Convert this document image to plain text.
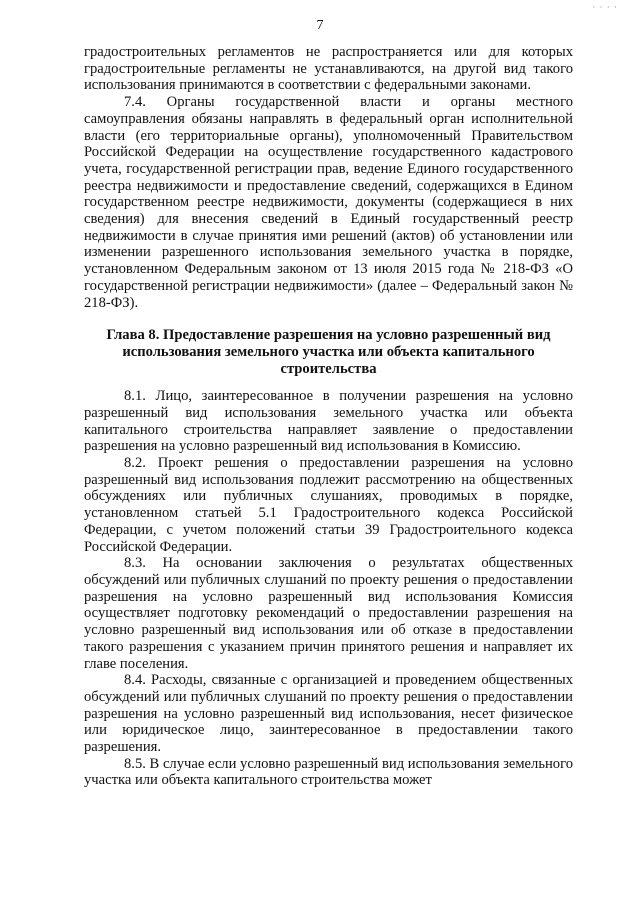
· · · ·
7

градостроительных регламентов не распространяется или для которых градостроительные регламенты не устанавливаются, на другой вид такого использования принимаются в соответствии с федеральными законами.

7.4. Органы государственной власти и органы местного самоуправления обязаны направлять в федеральный орган исполнительной власти (его территориальные органы), уполномоченный Правительством Российской Федерации на осуществление государственного кадастрового учета, государственной регистрации прав, ведение Единого государственного реестра недвижимости и предоставление сведений, содержащихся в Едином государственном реестре недвижимости, документы (содержащиеся в них сведения) для внесения сведений в Единый государственный реестр недвижимости в случае принятия ими решений (актов) об установлении или изменении разрешенного использования земельного участка в порядке, установленном Федеральным законом от 13 июля 2015 года № 218-ФЗ «О государственной регистрации недвижимости» (далее – Федеральный закон № 218-ФЗ).

Глава 8. Предоставление разрешения на условно разрешенный вид использования земельного участка или объекта капитального строительства

8.1. Лицо, заинтересованное в получении разрешения на условно разрешенный вид использования земельного участка или объекта капитального строительства направляет заявление о предоставлении разрешения на условно разрешенный вид использования в Комиссию.

8.2. Проект решения о предоставлении разрешения на условно разрешенный вид использования подлежит рассмотрению на общественных обсуждениях или публичных слушаниях, проводимых в порядке, установленном статьей 5.1 Градостроительного кодекса Российской Федерации, с учетом положений статьи 39 Градостроительного кодекса Российской Федерации.

8.3. На основании заключения о результатах общественных обсуждений или публичных слушаний по проекту решения о предоставлении разрешения на условно разрешенный вид использования Комиссия осуществляет подготовку рекомендаций о предоставлении разрешения на условно разрешенный вид использования или об отказе в предоставлении такого разрешения с указанием причин принятого решения и направляет их главе поселения.

8.4. Расходы, связанные с организацией и проведением общественных обсуждений или публичных слушаний по проекту решения о предоставлении разрешения на условно разрешенный вид использования, несет физическое или юридическое лицо, заинтересованное в предоставлении такого разрешения.

8.5. В случае если условно разрешенный вид использования земельного участка или объекта капитального строительства может
